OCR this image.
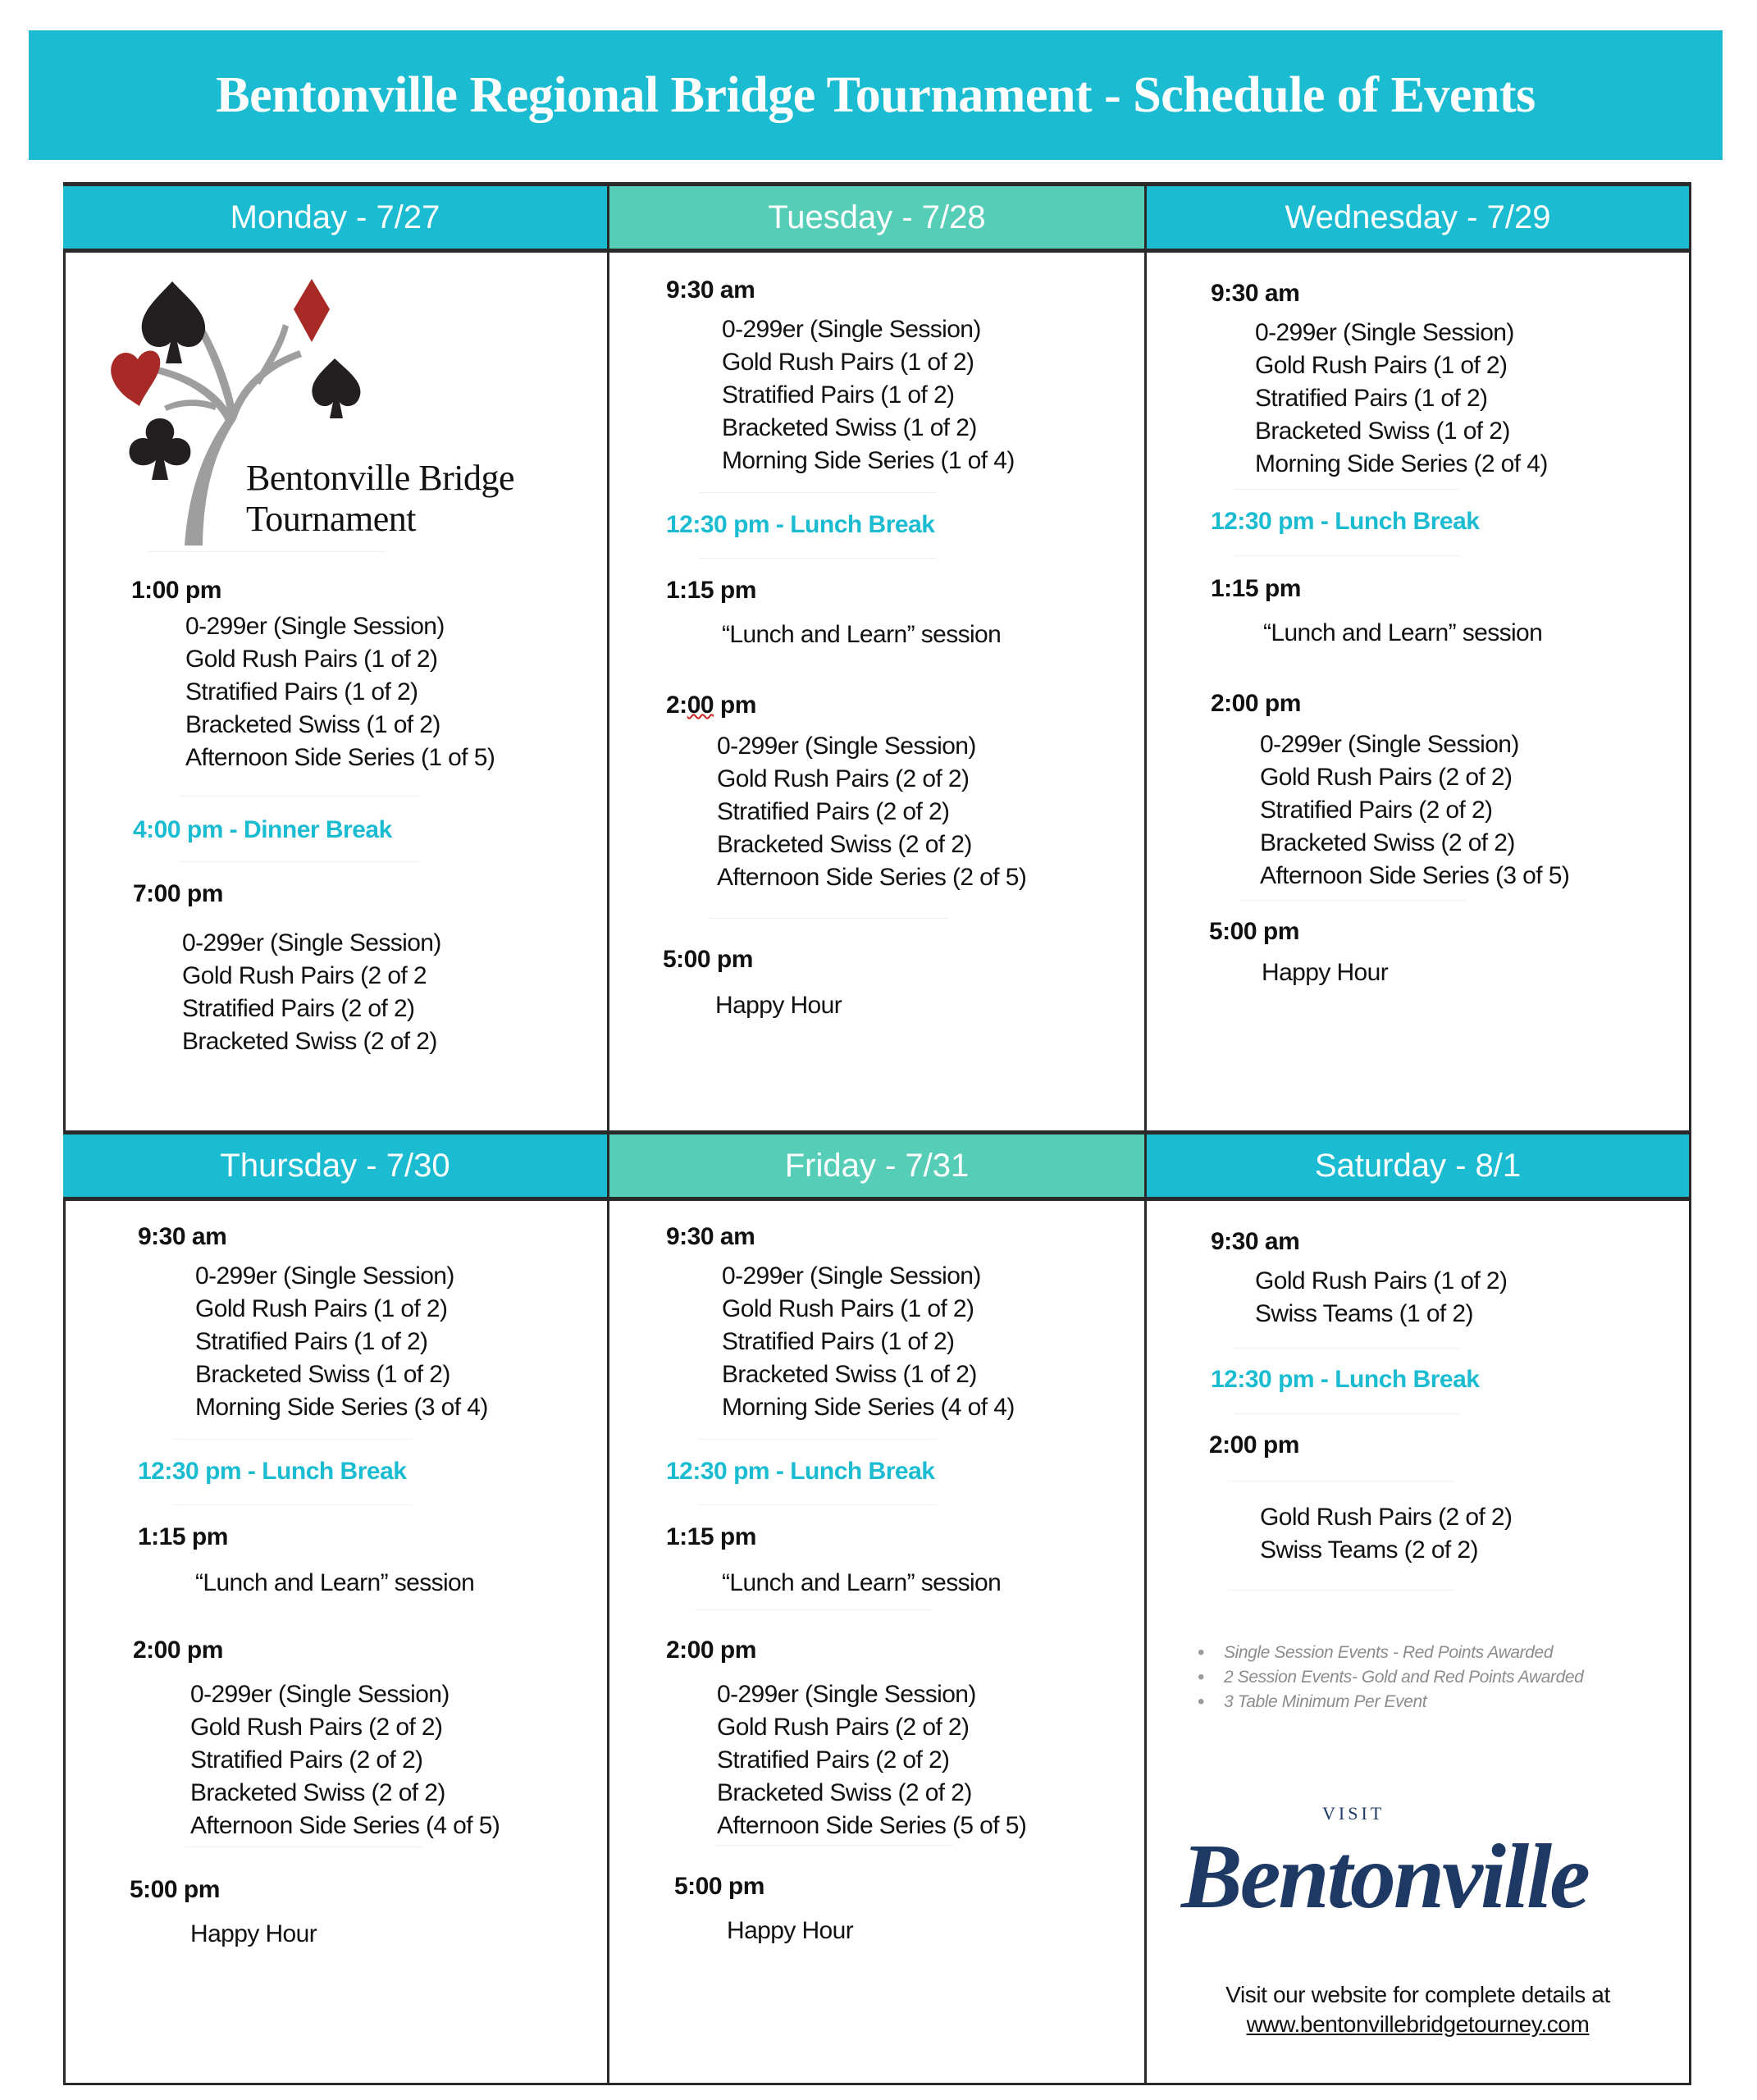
Bentonville Regional Bridge Tournament - Schedule of Events
Monday - 7/27	Tuesday - 7/28	Wednesday - 7/29
Thursday - 7/30	Friday - 7/31	Saturday - 8/1
Bentonville Bridge
Tournament
1:00 pm
0-299er (Single Session)
Gold Rush Pairs (1 of 2)
Stratified Pairs (1 of 2)
Bracketed Swiss (1 of 2)
Afternoon Side Series (1 of 5)
4:00 pm - Dinner Break
7:00 pm
0-299er (Single Session)
Gold Rush Pairs (2 of 2
Stratified Pairs (2 of 2)
Bracketed Swiss (2 of 2)
9:30 am
0-299er (Single Session)
Gold Rush Pairs (1 of 2)
Stratified Pairs (1 of 2)
Bracketed Swiss (1 of 2)
Morning Side Series (1 of 4)
12:30 pm - Lunch Break
1:15 pm
“Lunch and Learn” session
2:00 pm
0-299er (Single Session)
Gold Rush Pairs (2 of 2)
Stratified Pairs (2 of 2)
Bracketed Swiss (2 of 2)
Afternoon Side Series (2 of 5)
5:00 pm
Happy Hour
9:30 am
0-299er (Single Session)
Gold Rush Pairs (1 of 2)
Stratified Pairs (1 of 2)
Bracketed Swiss (1 of 2)
Morning Side Series (2 of 4)
12:30 pm - Lunch Break
1:15 pm
“Lunch and Learn” session
2:00 pm
0-299er (Single Session)
Gold Rush Pairs (2 of 2)
Stratified Pairs (2 of 2)
Bracketed Swiss (2 of 2)
Afternoon Side Series (3 of 5)
5:00 pm
Happy Hour
9:30 am
0-299er (Single Session)
Gold Rush Pairs (1 of 2)
Stratified Pairs (1 of 2)
Bracketed Swiss (1 of 2)
Morning Side Series (3 of 4)
12:30 pm - Lunch Break
1:15 pm
“Lunch and Learn” session
2:00 pm
0-299er (Single Session)
Gold Rush Pairs (2 of 2)
Stratified Pairs (2 of 2)
Bracketed Swiss (2 of 2)
Afternoon Side Series (4 of 5)
5:00 pm
Happy Hour
9:30 am
0-299er (Single Session)
Gold Rush Pairs (1 of 2)
Stratified Pairs (1 of 2)
Bracketed Swiss (1 of 2)
Morning Side Series (4 of 4)
12:30 pm - Lunch Break
1:15 pm
“Lunch and Learn” session
2:00 pm
0-299er (Single Session)
Gold Rush Pairs (2 of 2)
Stratified Pairs (2 of 2)
Bracketed Swiss (2 of 2)
Afternoon Side Series (5 of 5)
5:00 pm
Happy Hour
9:30 am
Gold Rush Pairs (1 of 2)
Swiss Teams (1 of 2)
12:30 pm - Lunch Break
2:00 pm
Gold Rush Pairs (2 of 2)
Swiss Teams (2 of 2)
• Single Session Events - Red Points Awarded
• 2 Session Events- Gold and Red Points Awarded
• 3 Table Minimum Per Event
VISIT
Bentonville
Visit our website for complete details at
www.bentonvillebridgetourney.com
